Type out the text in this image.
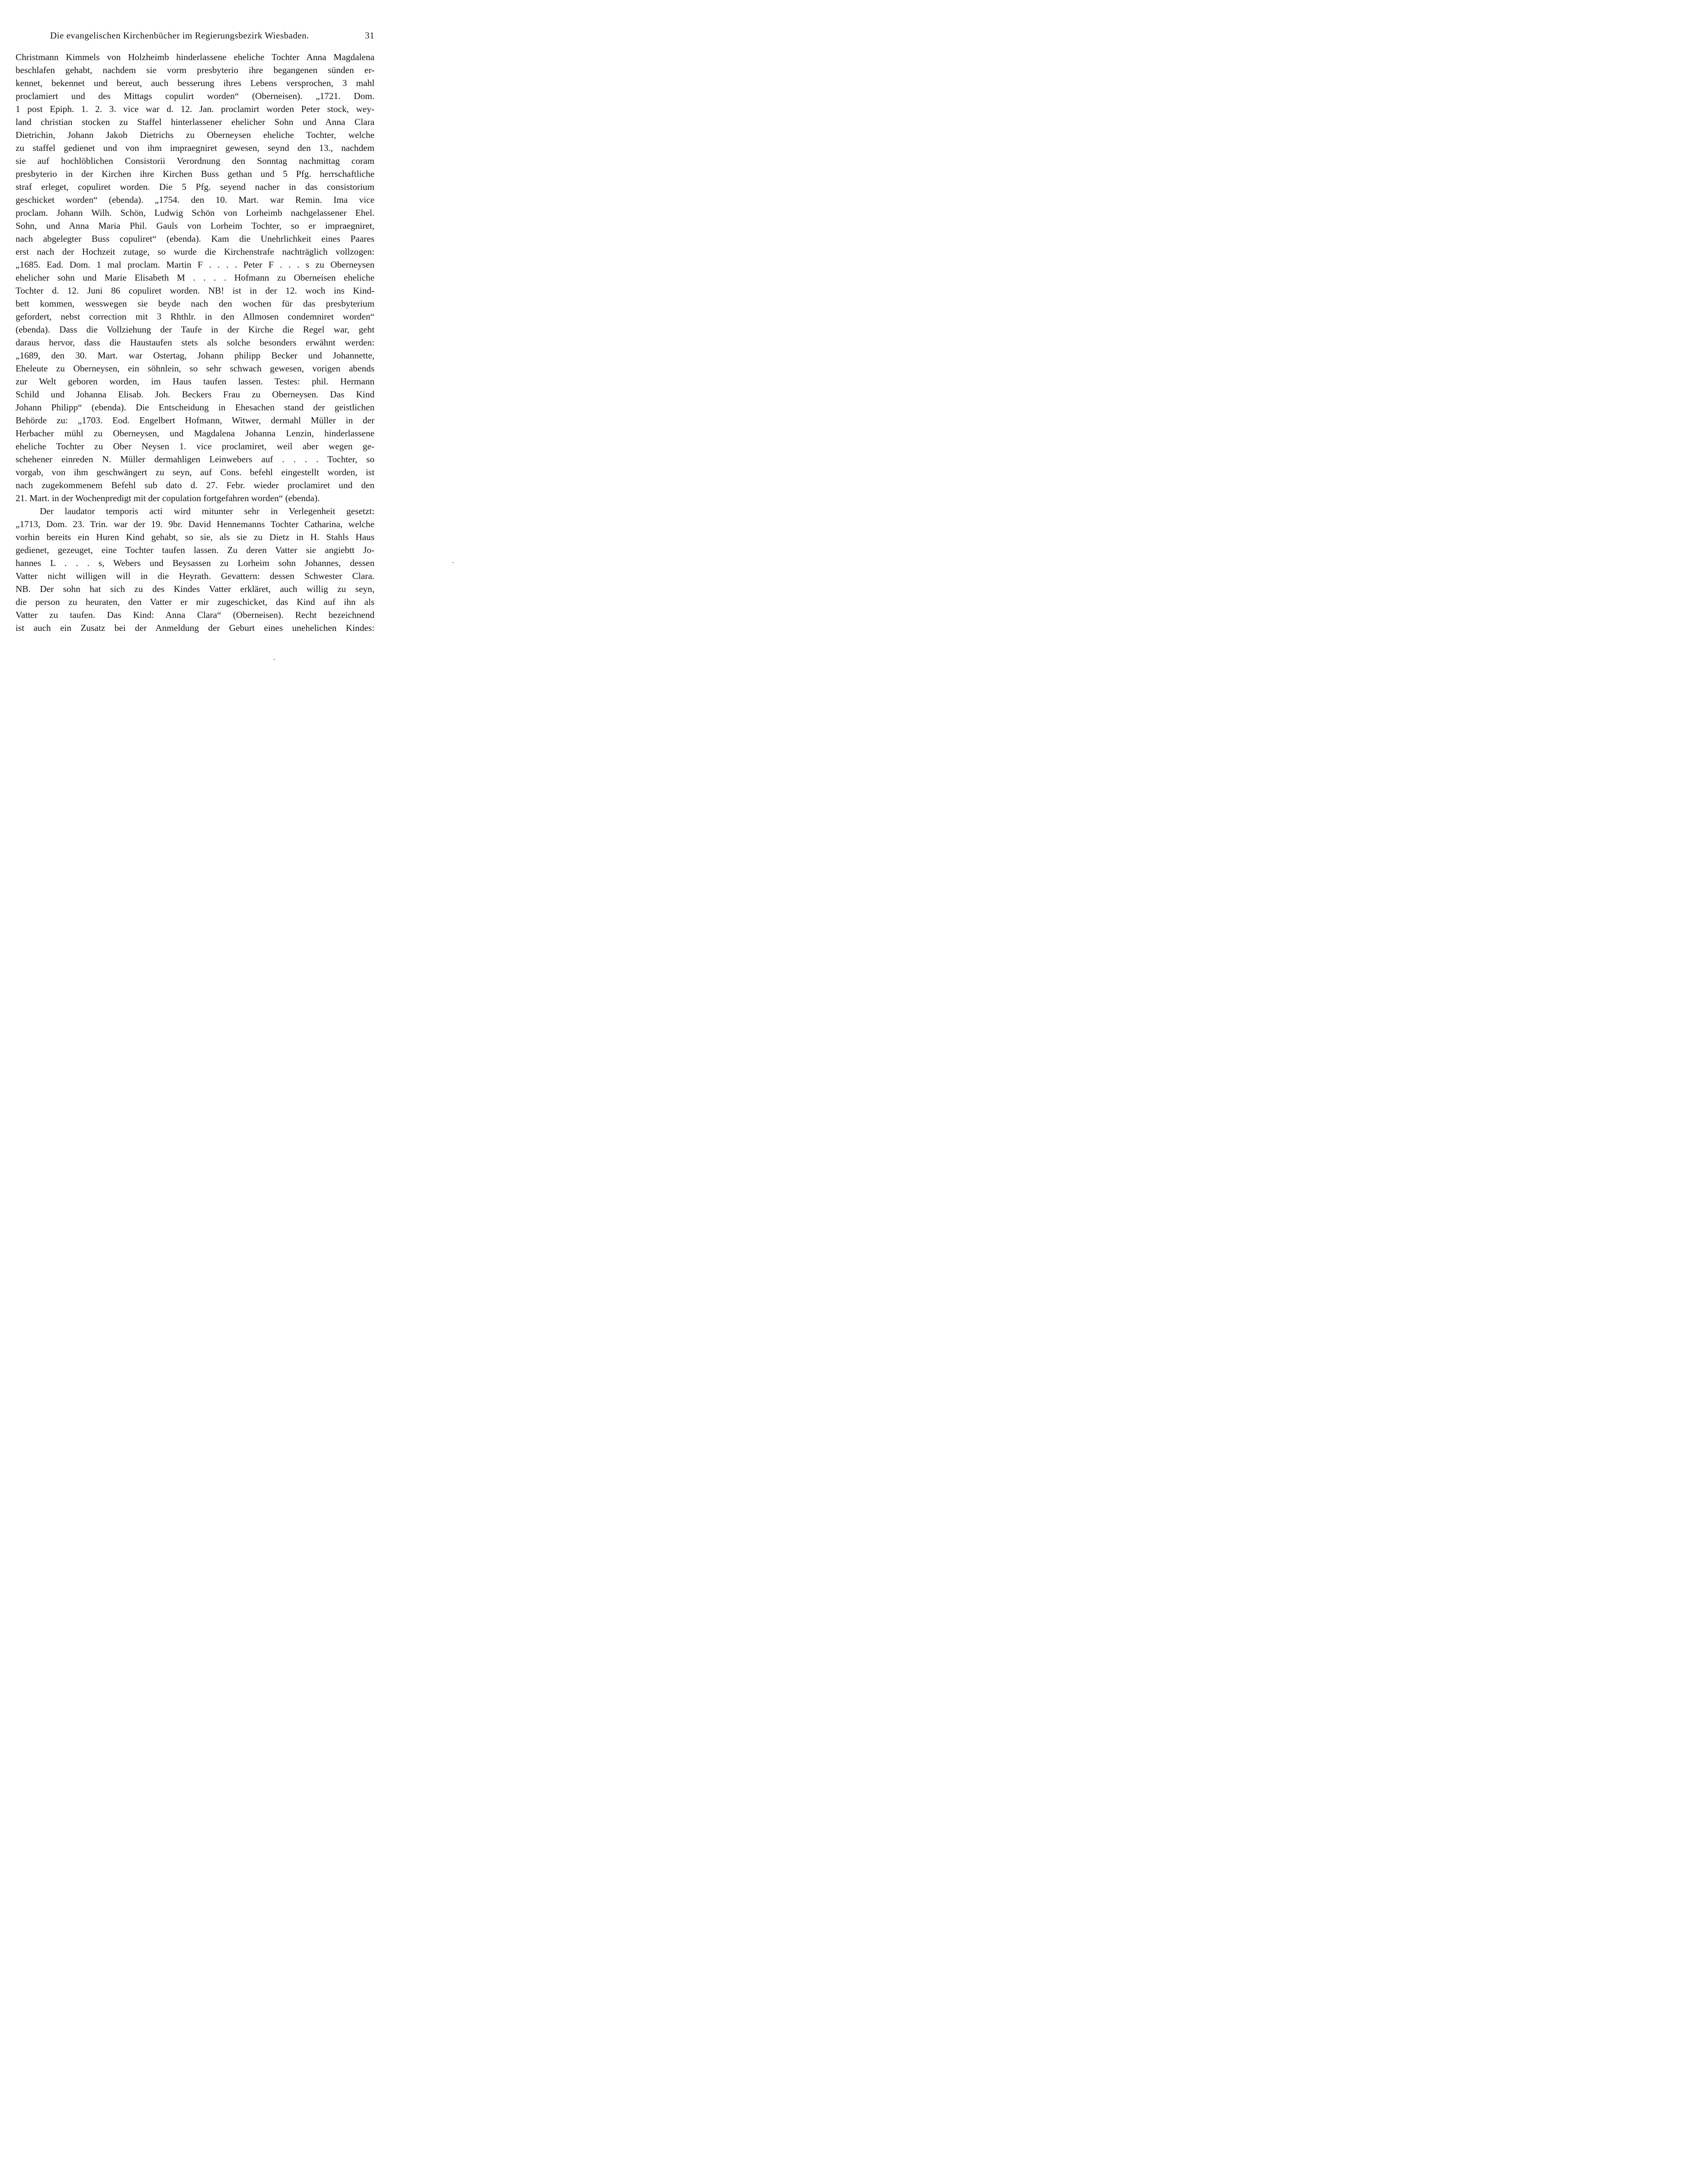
Die evangelischen Kirchenbücher im Regierungsbezirk Wiesbaden.	31
Christmann Kimmels von Holzheimb hinderlassene eheliche Tochter Anna Magdalena
beschlafen gehabt, nachdem sie vorm presbyterio ihre begangenen sünden er-
kennet, bekennet und bereut, auch besserung ihres Lebens versprochen, 3 mahl
proclamiert und des Mittags copulirt worden“ (Oberneisen). „1721. Dom.
1 post Epiph. 1. 2. 3. vice war d. 12. Jan. proclamirt worden Peter stock, wey-
land christian stocken zu Staffel hinterlassener ehelicher Sohn und Anna Clara
Dietrichin, Johann Jakob Dietrichs zu Oberneysen eheliche Tochter, welche
zu staffel gedienet und von ihm impraegniret gewesen, seynd den 13., nachdem
sie auf hochlöblichen Consistorii Verordnung den Sonntag nachmittag coram
presbyterio in der Kirchen ihre Kirchen Buss gethan und 5 Pfg. herrschaftliche
straf erleget, copuliret worden. Die 5 Pfg. seyend nacher in das consistorium
geschicket worden“ (ebenda). „1754. den 10. Mart. war Remin. Ima vice
proclam. Johann Wilh. Schön, Ludwig Schön von Lorheimb nachgelassener Ehel.
Sohn, und Anna Maria Phil. Gauls von Lorheim Tochter, so er impraegniret,
nach abgelegter Buss copuliret“ (ebenda). Kam die Unehrlichkeit eines Paares
erst nach der Hochzeit zutage, so wurde die Kirchenstrafe nachträglich vollzogen:
„1685. Ead. Dom. 1 mal proclam. Martin F . . . . Peter F . . . s zu Oberneysen
ehelicher sohn und Marie Elisabeth M . . . . Hofmann zu Oberneisen eheliche
Tochter d. 12. Juni 86 copuliret worden. NB! ist in der 12. woch ins Kind-
bett kommen, wesswegen sie beyde nach den wochen für das presbyterium
gefordert, nebst correction mit 3 Rhthlr. in den Allmosen condemniret worden“
(ebenda). Dass die Vollziehung der Taufe in der Kirche die Regel war, geht
daraus hervor, dass die Haustaufen stets als solche besonders erwähnt werden:
„1689, den 30. Mart. war Ostertag, Johann philipp Becker und Johannette,
Eheleute zu Oberneysen, ein söhnlein, so sehr schwach gewesen, vorigen abends
zur Welt geboren worden, im Haus taufen lassen. Testes: phil. Hermann
Schild und Johanna Elisab. Joh. Beckers Frau zu Oberneysen. Das Kind
Johann Philipp“ (ebenda). Die Entscheidung in Ehesachen stand der geistlichen
Behörde zu: „1703. Eod. Engelbert Hofmann, Witwer, dermahl Müller in der
Herbacher mühl zu Oberneysen, und Magdalena Johanna Lenzin, hinderlassene
eheliche Tochter zu Ober Neysen 1. vice proclamiret, weil aber wegen ge-
schehener einreden N. Müller dermahligen Leinwebers auf . . . . Tochter, so
vorgab, von ihm geschwängert zu seyn, auf Cons. befehl eingestellt worden, ist
nach zugekommenem Befehl sub dato d. 27. Febr. wieder proclamiret und den
21. Mart. in der Wochenpredigt mit der copulation fortgefahren worden“ (ebenda).
Der laudator temporis acti wird mitunter sehr in Verlegenheit gesetzt:
„1713, Dom. 23. Trin. war der 19. 9br. David Hennemanns Tochter Catharina, welche
vorhin bereits ein Huren Kind gehabt, so sie, als sie zu Dietz in H. Stahls Haus
gedienet, gezeuget, eine Tochter taufen lassen. Zu deren Vatter sie angiebtt Jo-
hannes L . . . s, Webers und Beysassen zu Lorheim sohn Johannes, dessen
Vatter nicht willigen will in die Heyrath. Gevattern: dessen Schwester Clara.
NB. Der sohn hat sich zu des Kindes Vatter erkläret, auch willig zu seyn,
die person zu heuraten, den Vatter er mir zugeschicket, das Kind auf ihn als
Vatter zu taufen. Das Kind: Anna Clara“ (Oberneisen). Recht bezeichnend
ist auch ein Zusatz bei der Anmeldung der Geburt eines unehelichen Kindes:
